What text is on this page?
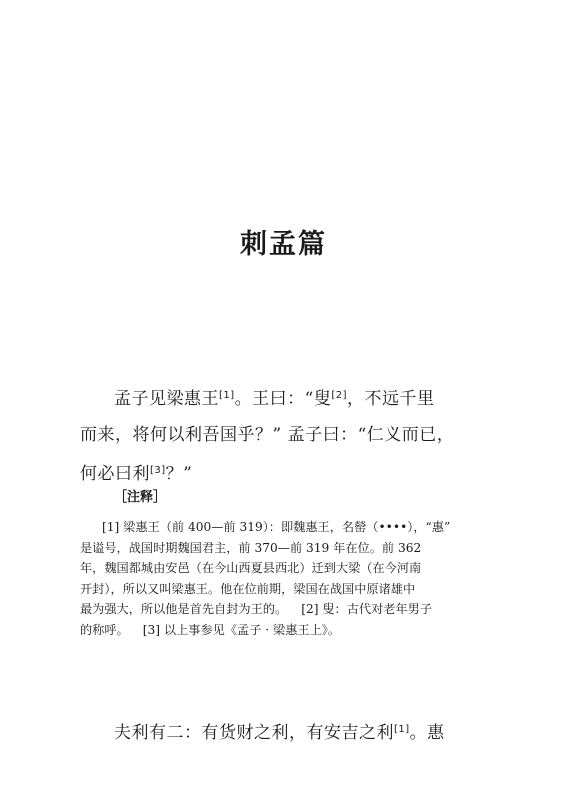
刺孟篇
孟子见梁惠王[1]。王曰：“叟[2]，不远千里
而来，将何以利吾国乎？” 孟子曰：“仁义而已，
何必曰利[3]？”
［注释］
[1] 梁惠王（前 400—前 319）：即魏惠王，名罃（••••），“惠”
是谥号，战国时期魏国君主，前 370—前 319 年在位。前 362
年，魏国都城由安邑（在今山西夏县西北）迁到大梁（在今河南
开封），所以又叫梁惠王。他在位前期，梁国在战国中原诸雄中
最为强大，所以他是首先自封为王的。 [2] 叟：古代对老年男子
的称呼。 [3] 以上事参见《孟子 · 梁惠王上》。
夫利有二：有货财之利，有安吉之利[1]。惠
